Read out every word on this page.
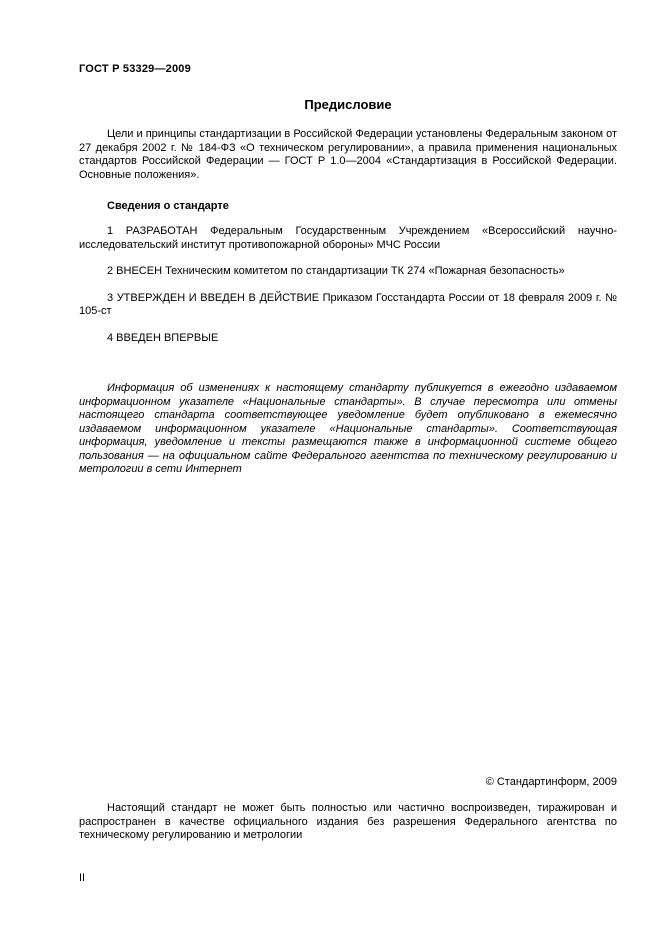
ГОСТ Р 53329—2009
Предисловие

Цели и принципы стандартизации в Российской Федерации установлены Федеральным законом от 27 декабря 2002 г. № 184-ФЗ «О техническом регулировании», а правила применения национальных стандартов Российской Федерации — ГОСТ Р 1.0—2004 «Стандартизация в Российской Федерации. Основные положения».

Сведения о стандарте

1 РАЗРАБОТАН Федеральным Государственным Учреждением «Всероссийский научно-исследовательский институт противопожарной обороны» МЧС России

2 ВНЕСЕН Техническим комитетом по стандартизации ТК 274 «Пожарная безопасность»

3 УТВЕРЖДЕН И ВВЕДЕН В ДЕЙСТВИЕ Приказом Госстандарта России от 18 февраля 2009 г. № 105-ст

4 ВВЕДЕН ВПЕРВЫЕ

Информация об изменениях к настоящему стандарту публикуется в ежегодно издаваемом информационном указателе «Национальные стандарты». В случае пересмотра или отмены настоящего стандарта соответствующее уведомление будет опубликовано в ежемесячно издаваемом информационном указателе «Национальные стандарты». Соответствующая информация, уведомление и тексты размещаются также в информационной системе общего пользования — на официальном сайте Федерального агентства по техническому регулированию и метрологии в сети Интернет

© Стандартинформ, 2009

Настоящий стандарт не может быть полностью или частично воспроизведен, тиражирован и распространен в качестве официального издания без разрешения Федерального агентства по техническому регулированию и метрологии

II
